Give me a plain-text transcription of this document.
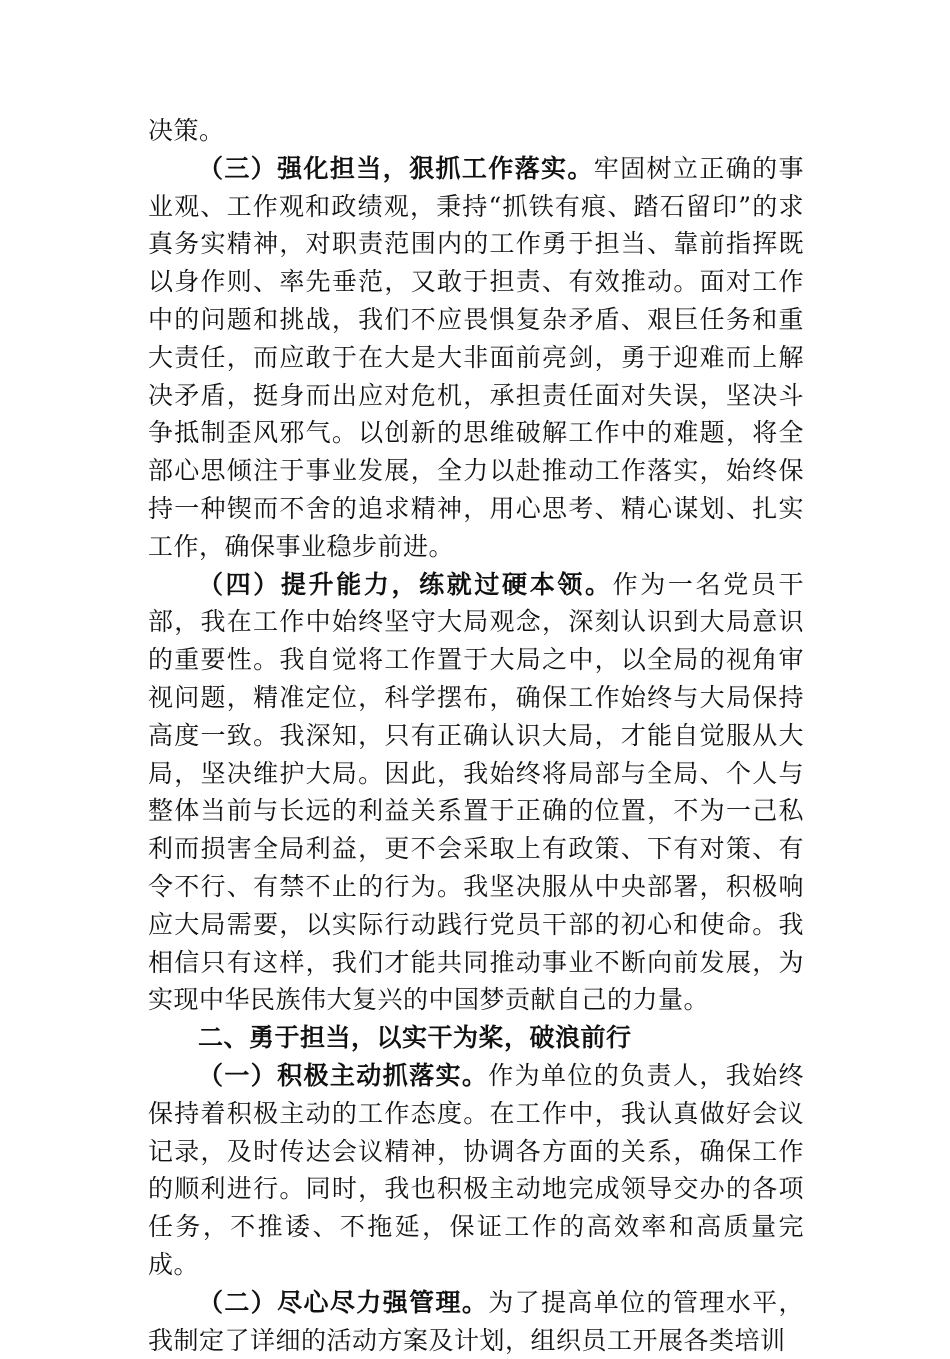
决策。

（三）强化担当，狠抓工作落实。牢固树立正确的事业观、工作观和政绩观，秉持“抓铁有痕、踏石留印”的求真务实精神，对职责范围内的工作勇于担当、靠前指挥既以身作则、率先垂范，又敢于担责、有效推动。面对工作中的问题和挑战，我们不应畏惧复杂矛盾、艰巨任务和重大责任，而应敢于在大是大非面前亮剑，勇于迎难而上解决矛盾，挺身而出应对危机，承担责任面对失误，坚决斗争抵制歪风邪气。以创新的思维破解工作中的难题，将全部心思倾注于事业发展，全力以赴推动工作落实，始终保持一种锲而不舍的追求精神，用心思考、精心谋划、扎实工作，确保事业稳步前进。

（四）提升能力，练就过硬本领。作为一名党员干部，我在工作中始终坚守大局观念，深刻认识到大局意识的重要性。我自觉将工作置于大局之中，以全局的视角审视问题，精准定位，科学摆布，确保工作始终与大局保持高度一致。我深知，只有正确认识大局，才能自觉服从大局，坚决维护大局。因此，我始终将局部与全局、个人与整体当前与长远的利益关系置于正确的位置，不为一己私利而损害全局利益，更不会采取上有政策、下有对策、有令不行、有禁不止的行为。我坚决服从中央部署，积极响应大局需要，以实际行动践行党员干部的初心和使命。我相信只有这样，我们才能共同推动事业不断向前发展，为实现中华民族伟大复兴的中国梦贡献自己的力量。

二、勇于担当，以实干为桨，破浪前行

（一）积极主动抓落实。作为单位的负责人，我始终保持着积极主动的工作态度。在工作中，我认真做好会议记录，及时传达会议精神，协调各方面的关系，确保工作的顺利进行。同时，我也积极主动地完成领导交办的各项任务，不推诿、不拖延，保证工作的高效率和高质量完成。

（二）尽心尽力强管理。为了提高单位的管理水平，我制定了详细的活动方案及计划，组织员工开展各类培训
